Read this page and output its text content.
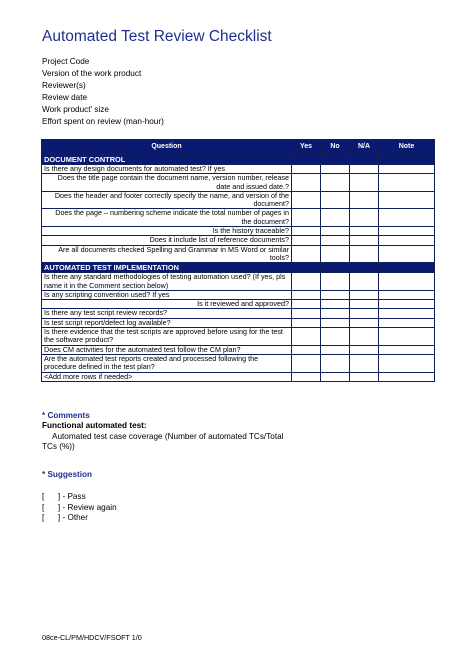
Automated Test Review Checklist
Project Code
Version of the work product
Reviewer(s)
Review date
Work product' size
Effort spent on review (man-hour)
Question	Yes	No	N/A	Note
DOCUMENT CONTROL				
Is there any design documents for automated test? If yes				
Does the title page contain the document name, version number, release date and issued date.?				
Does the header and footer correctly specify the name, and version of the document?				
Does the page – numbering scheme indicate the total number of pages in the document?				
Is the history traceable?				
Does it include list of reference documents?				
Are all documents checked Spelling and Grammar in MS Word or similar tools?				
AUTOMATED TEST IMPLEMENTATION				
Is there any standard methodologies of testing automation used? (If yes, pls name it in the Comment section below)				
Is any scripting convention used? If yes				
Is it reviewed and approved?				
Is there any test script review records?				
Is test script report/defect log available?				
Is there evidence that the test scripts are approved before using for the test the software product?				
Does CM activities for the automated test follow the CM plan?				
Are the automated test reports created and processed following the procedure defined in the test plan?				
<Add more rows if needed>				
* Comments
Functional automated test:
Automated test case coverage (Number of automated TCs/Total
TCs (%))
* Suggestion
[      ] - Pass
[      ] - Review again
[      ] - Other
08ce-CL/PM/HDCV/FSOFT 1/0
